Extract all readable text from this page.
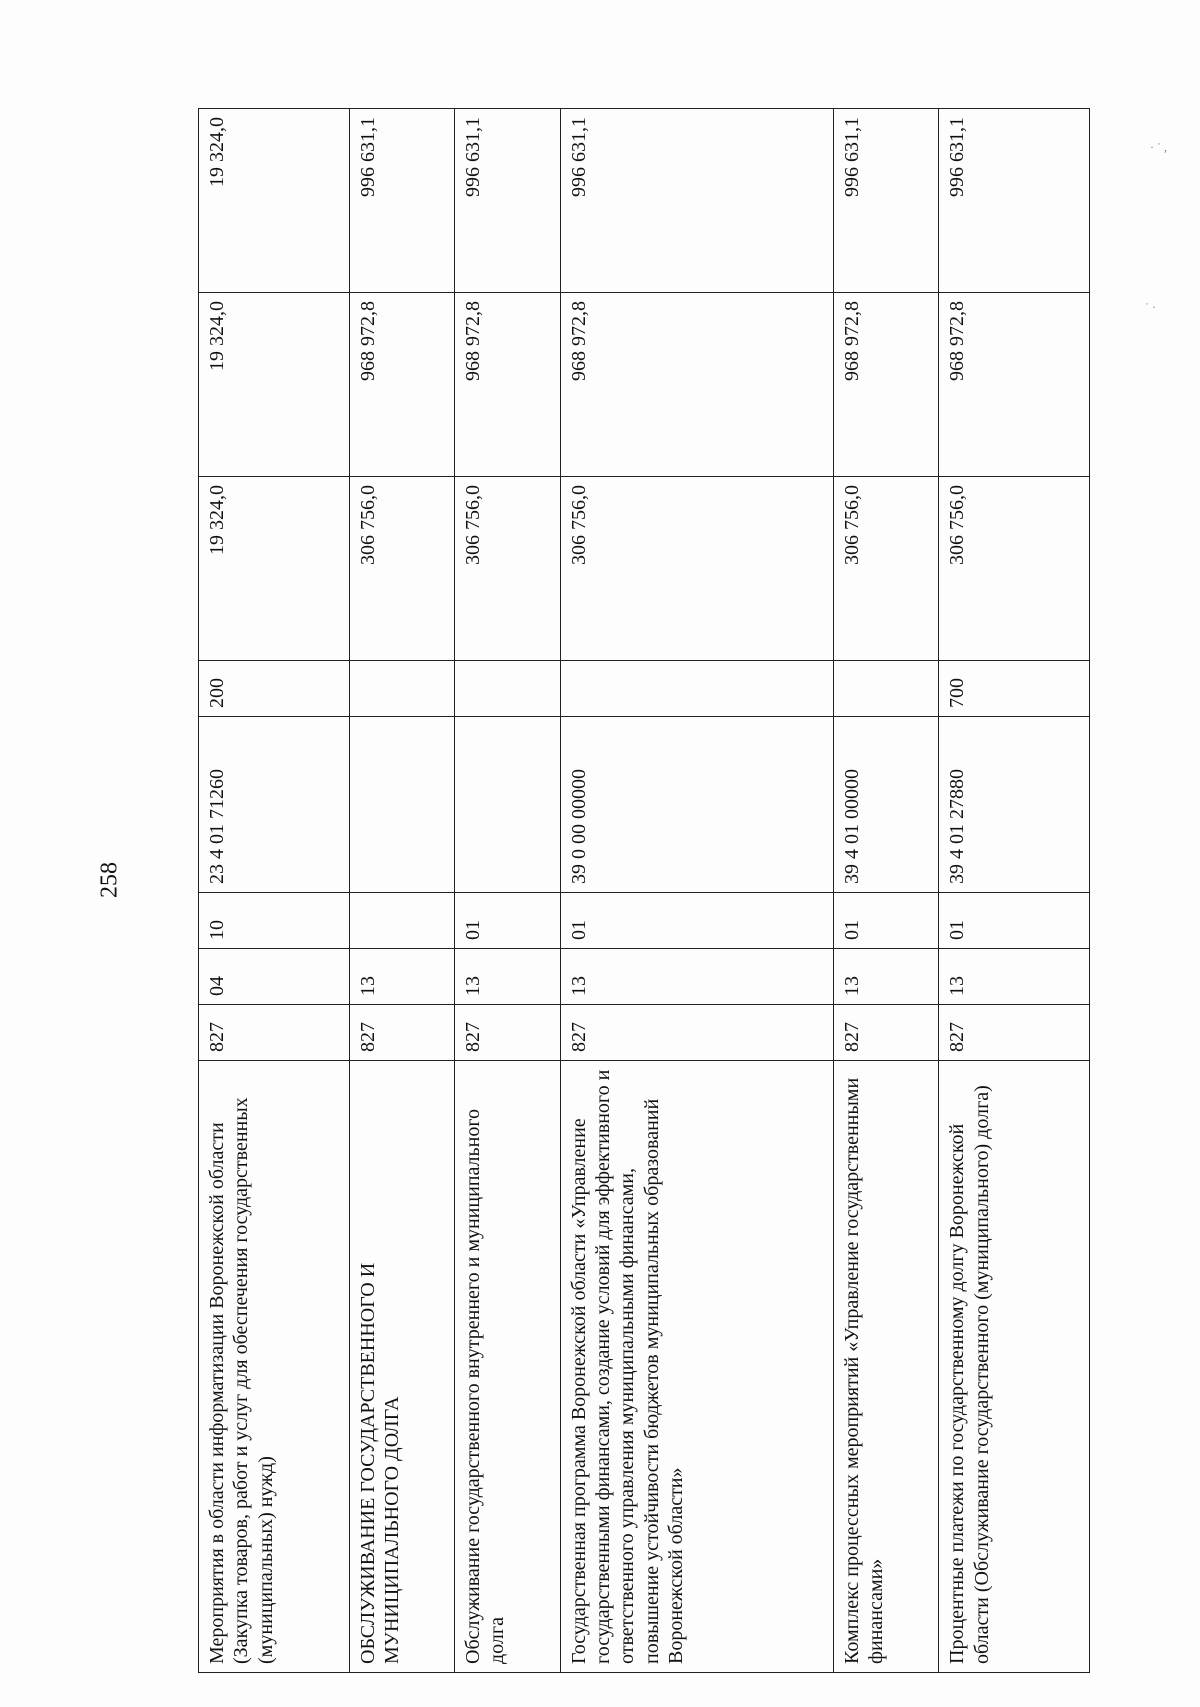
258
Мероприятия в области информатизации Воронежской области (Закупка товаров, работ и услуг для обеспечения государственных (муниципальных) нужд)	827	04	10	23 4 01 71260	200	19 324,0	19 324,0	19 324,0
ОБСЛУЖИВАНИЕ ГОСУДАРСТВЕННОГО И МУНИЦИПАЛЬНОГО ДОЛГА	827	13				306 756,0	968 972,8	996 631,1
Обслуживание государственного внутреннего и муниципального долга	827	13	01			306 756,0	968 972,8	996 631,1
Государственная программа Воронежской области «Управление государственными финансами, создание условий для эффективного и ответственного управления муниципальными финансами, повышение устойчивости бюджетов муниципальных образований Воронежской области»	827	13	01	39 0 00 00000		306 756,0	968 972,8	996 631,1
Комплекс процессных мероприятий «Управление государственными финансами»	827	13	01	39 4 01 00000		306 756,0	968 972,8	996 631,1
Процентные платежи по государственному долгу Воронежской области (Обслуживание государственного (муниципального) долга)	827	13	01	39 4 01 27880	700	306 756,0	968 972,8	996 631,1	· ˙ ,
˙ ·
